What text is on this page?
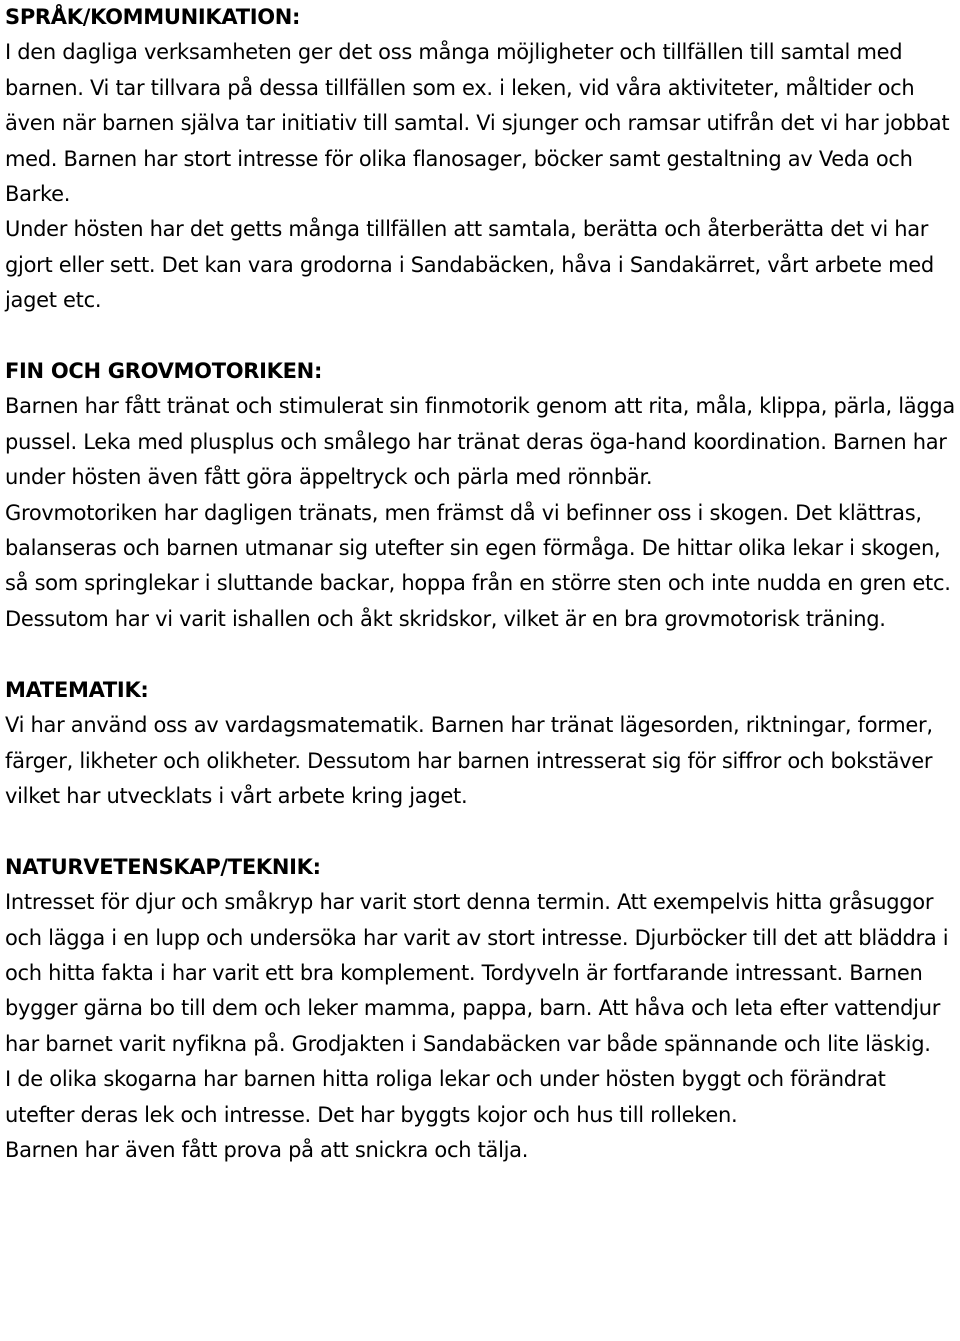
SPRÅK/KOMMUNIKATION:

I den dagliga verksamheten ger det oss många möjligheter och tillfällen till samtal med barnen. Vi tar tillvara på dessa tillfällen som ex. i leken, vid våra aktiviteter, måltider och även när barnen själva tar initiativ till samtal. Vi sjunger och ramsar utifrån det vi har jobbat med. Barnen har stort intresse för olika flanosager, böcker samt gestaltning av Veda och Barke.

Under hösten har det getts många tillfällen att samtala, berätta och återberätta det vi har gjort eller sett. Det kan vara grodorna i Sandabäcken, håva i Sandakärret, vårt arbete med jaget etc.

FIN OCH GROVMOTORIKEN:

Barnen har fått tränat och stimulerat sin finmotorik genom att rita, måla, klippa, pärla, lägga pussel. Leka med plusplus och smålego har tränat deras öga-hand koordination. Barnen har under hösten även fått göra äppeltryck och pärla med rönnbär.

Grovmotoriken har dagligen tränats, men främst då vi befinner oss i skogen. Det klättras, balanseras och barnen utmanar sig utefter sin egen förmåga. De hittar olika lekar i skogen, så som springlekar i sluttande backar, hoppa från en större sten och inte nudda en gren etc. Dessutom har vi varit ishallen och åkt skridskor, vilket är en bra grovmotorisk träning.

MATEMATIK:

Vi har använd oss av vardagsmatematik. Barnen har tränat lägesorden, riktningar, former, färger, likheter och olikheter. Dessutom har barnen intresserat sig för siffror och bokstäver vilket har utvecklats i vårt arbete kring jaget.

NATURVETENSKAP/TEKNIK:

Intresset för djur och småkryp har varit stort denna termin. Att exempelvis hitta gråsuggor och lägga i en lupp och undersöka har varit av stort intresse. Djurböcker till det att bläddra i och hitta fakta i har varit ett bra komplement. Tordyveln är fortfarande intressant. Barnen bygger gärna bo till dem och leker mamma, pappa, barn. Att håva och leta efter vattendjur har barnet varit nyfikna på. Grodjakten i Sandabäcken var både spännande och lite läskig.

I de olika skogarna har barnen hitta roliga lekar och under hösten byggt och förändrat utefter deras lek och intresse. Det har byggts kojor och hus till rolleken.

Barnen har även fått prova på att snickra och tälja.
